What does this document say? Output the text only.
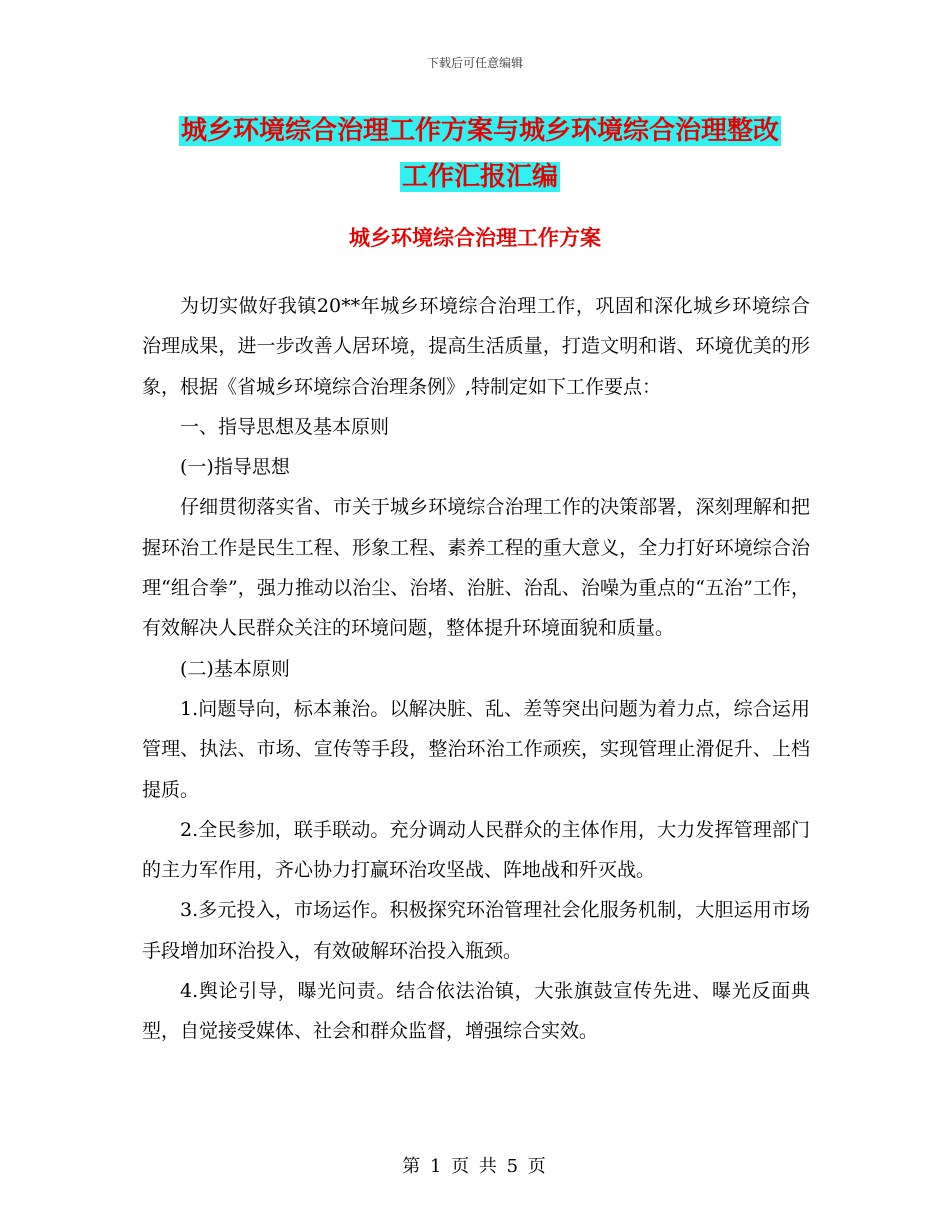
下载后可任意编辑
城乡环境综合治理工作方案与城乡环境综合治理整改
工作汇报汇编
城乡环境综合治理工作方案

为切实做好我镇20**年城乡环境综合治理工作，巩固和深化城乡环境综合治理成果，进一步改善人居环境，提高生活质量，打造文明和谐、环境优美的形象，根据《省城乡环境综合治理条例》,特制定如下工作要点：

一、指导思想及基本原则

(一)指导思想

仔细贯彻落实省、市关于城乡环境综合治理工作的决策部署，深刻理解和把握环治工作是民生工程、形象工程、素养工程的重大意义，全力打好环境综合治理“组合拳”，强力推动以治尘、治堵、治脏、治乱、治噪为重点的“五治”工作，有效解决人民群众关注的环境问题，整体提升环境面貌和质量。

(二)基本原则

1.问题导向，标本兼治。以解决脏、乱、差等突出问题为着力点，综合运用管理、执法、市场、宣传等手段，整治环治工作顽疾，实现管理止滑促升、上档提质。

2.全民参加，联手联动。充分调动人民群众的主体作用，大力发挥管理部门的主力军作用，齐心协力打赢环治攻坚战、阵地战和歼灭战。

3.多元投入，市场运作。积极探究环治管理社会化服务机制，大胆运用市场手段增加环治投入，有效破解环治投入瓶颈。

4.舆论引导，曝光问责。结合依法治镇，大张旗鼓宣传先进、曝光反面典型，自觉接受媒体、社会和群众监督，增强综合实效。

第 1 页 共 5 页
